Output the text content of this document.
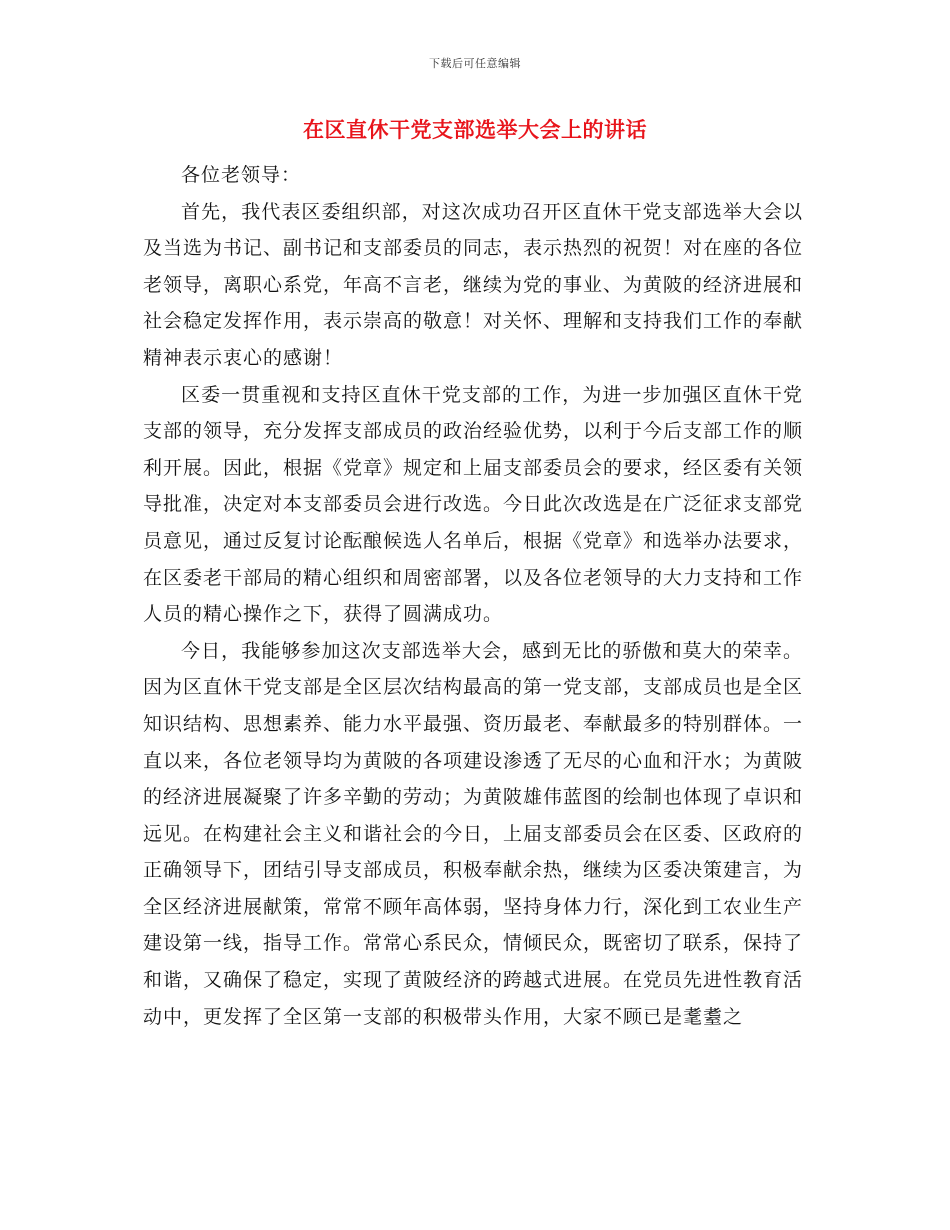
下载后可任意编辑
在区直休干党支部选举大会上的讲话

各位老领导：

首先，我代表区委组织部，对这次成功召开区直休干党支部选举大会以及当选为书记、副书记和支部委员的同志，表示热烈的祝贺！对在座的各位老领导，离职心系党，年高不言老，继续为党的事业、为黄陂的经济进展和社会稳定发挥作用，表示崇高的敬意！对关怀、理解和支持我们工作的奉献精神表示衷心的感谢！

区委一贯重视和支持区直休干党支部的工作，为进一步加强区直休干党支部的领导，充分发挥支部成员的政治经验优势，以利于今后支部工作的顺利开展。因此，根据《党章》规定和上届支部委员会的要求，经区委有关领导批准，决定对本支部委员会进行改选。今日此次改选是在广泛征求支部党员意见，通过反复讨论酝酿候选人名单后，根据《党章》和选举办法要求，在区委老干部局的精心组织和周密部署，以及各位老领导的大力支持和工作人员的精心操作之下，获得了圆满成功。

今日，我能够参加这次支部选举大会，感到无比的骄傲和莫大的荣幸。因为区直休干党支部是全区层次结构最高的第一党支部，支部成员也是全区知识结构、思想素养、能力水平最强、资历最老、奉献最多的特别群体。一直以来，各位老领导均为黄陂的各项建设渗透了无尽的心血和汗水；为黄陂的经济进展凝聚了许多辛勤的劳动；为黄陂雄伟蓝图的绘制也体现了卓识和远见。在构建社会主义和谐社会的今日，上届支部委员会在区委、区政府的正确领导下，团结引导支部成员，积极奉献余热，继续为区委决策建言，为全区经济进展献策，常常不顾年高体弱，坚持身体力行，深化到工农业生产建设第一线，指导工作。常常心系民众，情倾民众，既密切了联系，保持了和谐，又确保了稳定，实现了黄陂经济的跨越式进展。在党员先进性教育活动中，更发挥了全区第一支部的积极带头作用，大家不顾已是耄耋之
